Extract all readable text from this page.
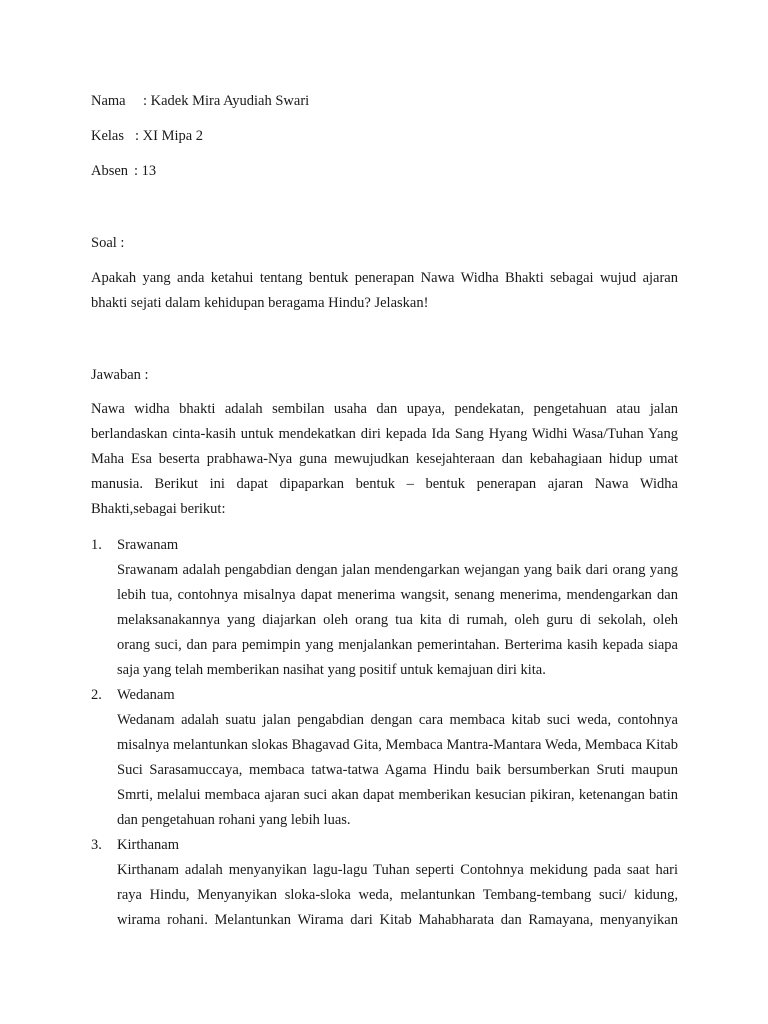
Nama : Kadek Mira Ayudiah Swari
Kelas : XI Mipa 2
Absen : 13
Soal :
Apakah yang anda ketahui tentang bentuk penerapan Nawa Widha Bhakti sebagai wujud ajaran
bhakti sejati dalam kehidupan beragama Hindu? Jelaskan!
Jawaban :
Nawa widha bhakti adalah sembilan usaha dan upaya, pendekatan, pengetahuan atau jalan
berlandaskan cinta-kasih untuk mendekatkan diri kepada Ida Sang Hyang Widhi Wasa/Tuhan Yang
Maha Esa beserta prabhawa-Nya guna mewujudkan kesejahteraan dan kebahagiaan hidup umat
manusia. Berikut ini dapat dipaparkan bentuk – bentuk penerapan ajaran Nawa Widha
Bhakti,sebagai berikut:
1. Srawanam
Srawanam adalah pengabdian dengan jalan mendengarkan wejangan yang baik dari orang yang
lebih tua, contohnya misalnya dapat menerima wangsit, senang menerima, mendengarkan dan
melaksanakannya yang diajarkan oleh orang tua kita di rumah, oleh guru di sekolah, oleh
orang suci, dan para pemimpin yang menjalankan pemerintahan. Berterima kasih kepada siapa
saja yang telah memberikan nasihat yang positif untuk kemajuan diri kita.
2. Wedanam
Wedanam adalah suatu jalan pengabdian dengan cara membaca kitab suci weda, contohnya
misalnya melantunkan slokas Bhagavad Gita, Membaca Mantra-Mantara Weda, Membaca Kitab
Suci Sarasamuccaya, membaca tatwa-tatwa Agama Hindu baik bersumberkan Sruti maupun
Smrti, melalui membaca ajaran suci akan dapat memberikan kesucian pikiran, ketenangan batin
dan pengetahuan rohani yang lebih luas.
3. Kirthanam
Kirthanam adalah menyanyikan lagu-lagu Tuhan seperti Contohnya mekidung pada saat hari
raya Hindu, Menyanyikan sloka-sloka weda, melantunkan Tembang-tembang suci/ kidung,
wirama rohani. Melantunkan Wirama dari Kitab Mahabharata dan Ramayana, menyanyikan
